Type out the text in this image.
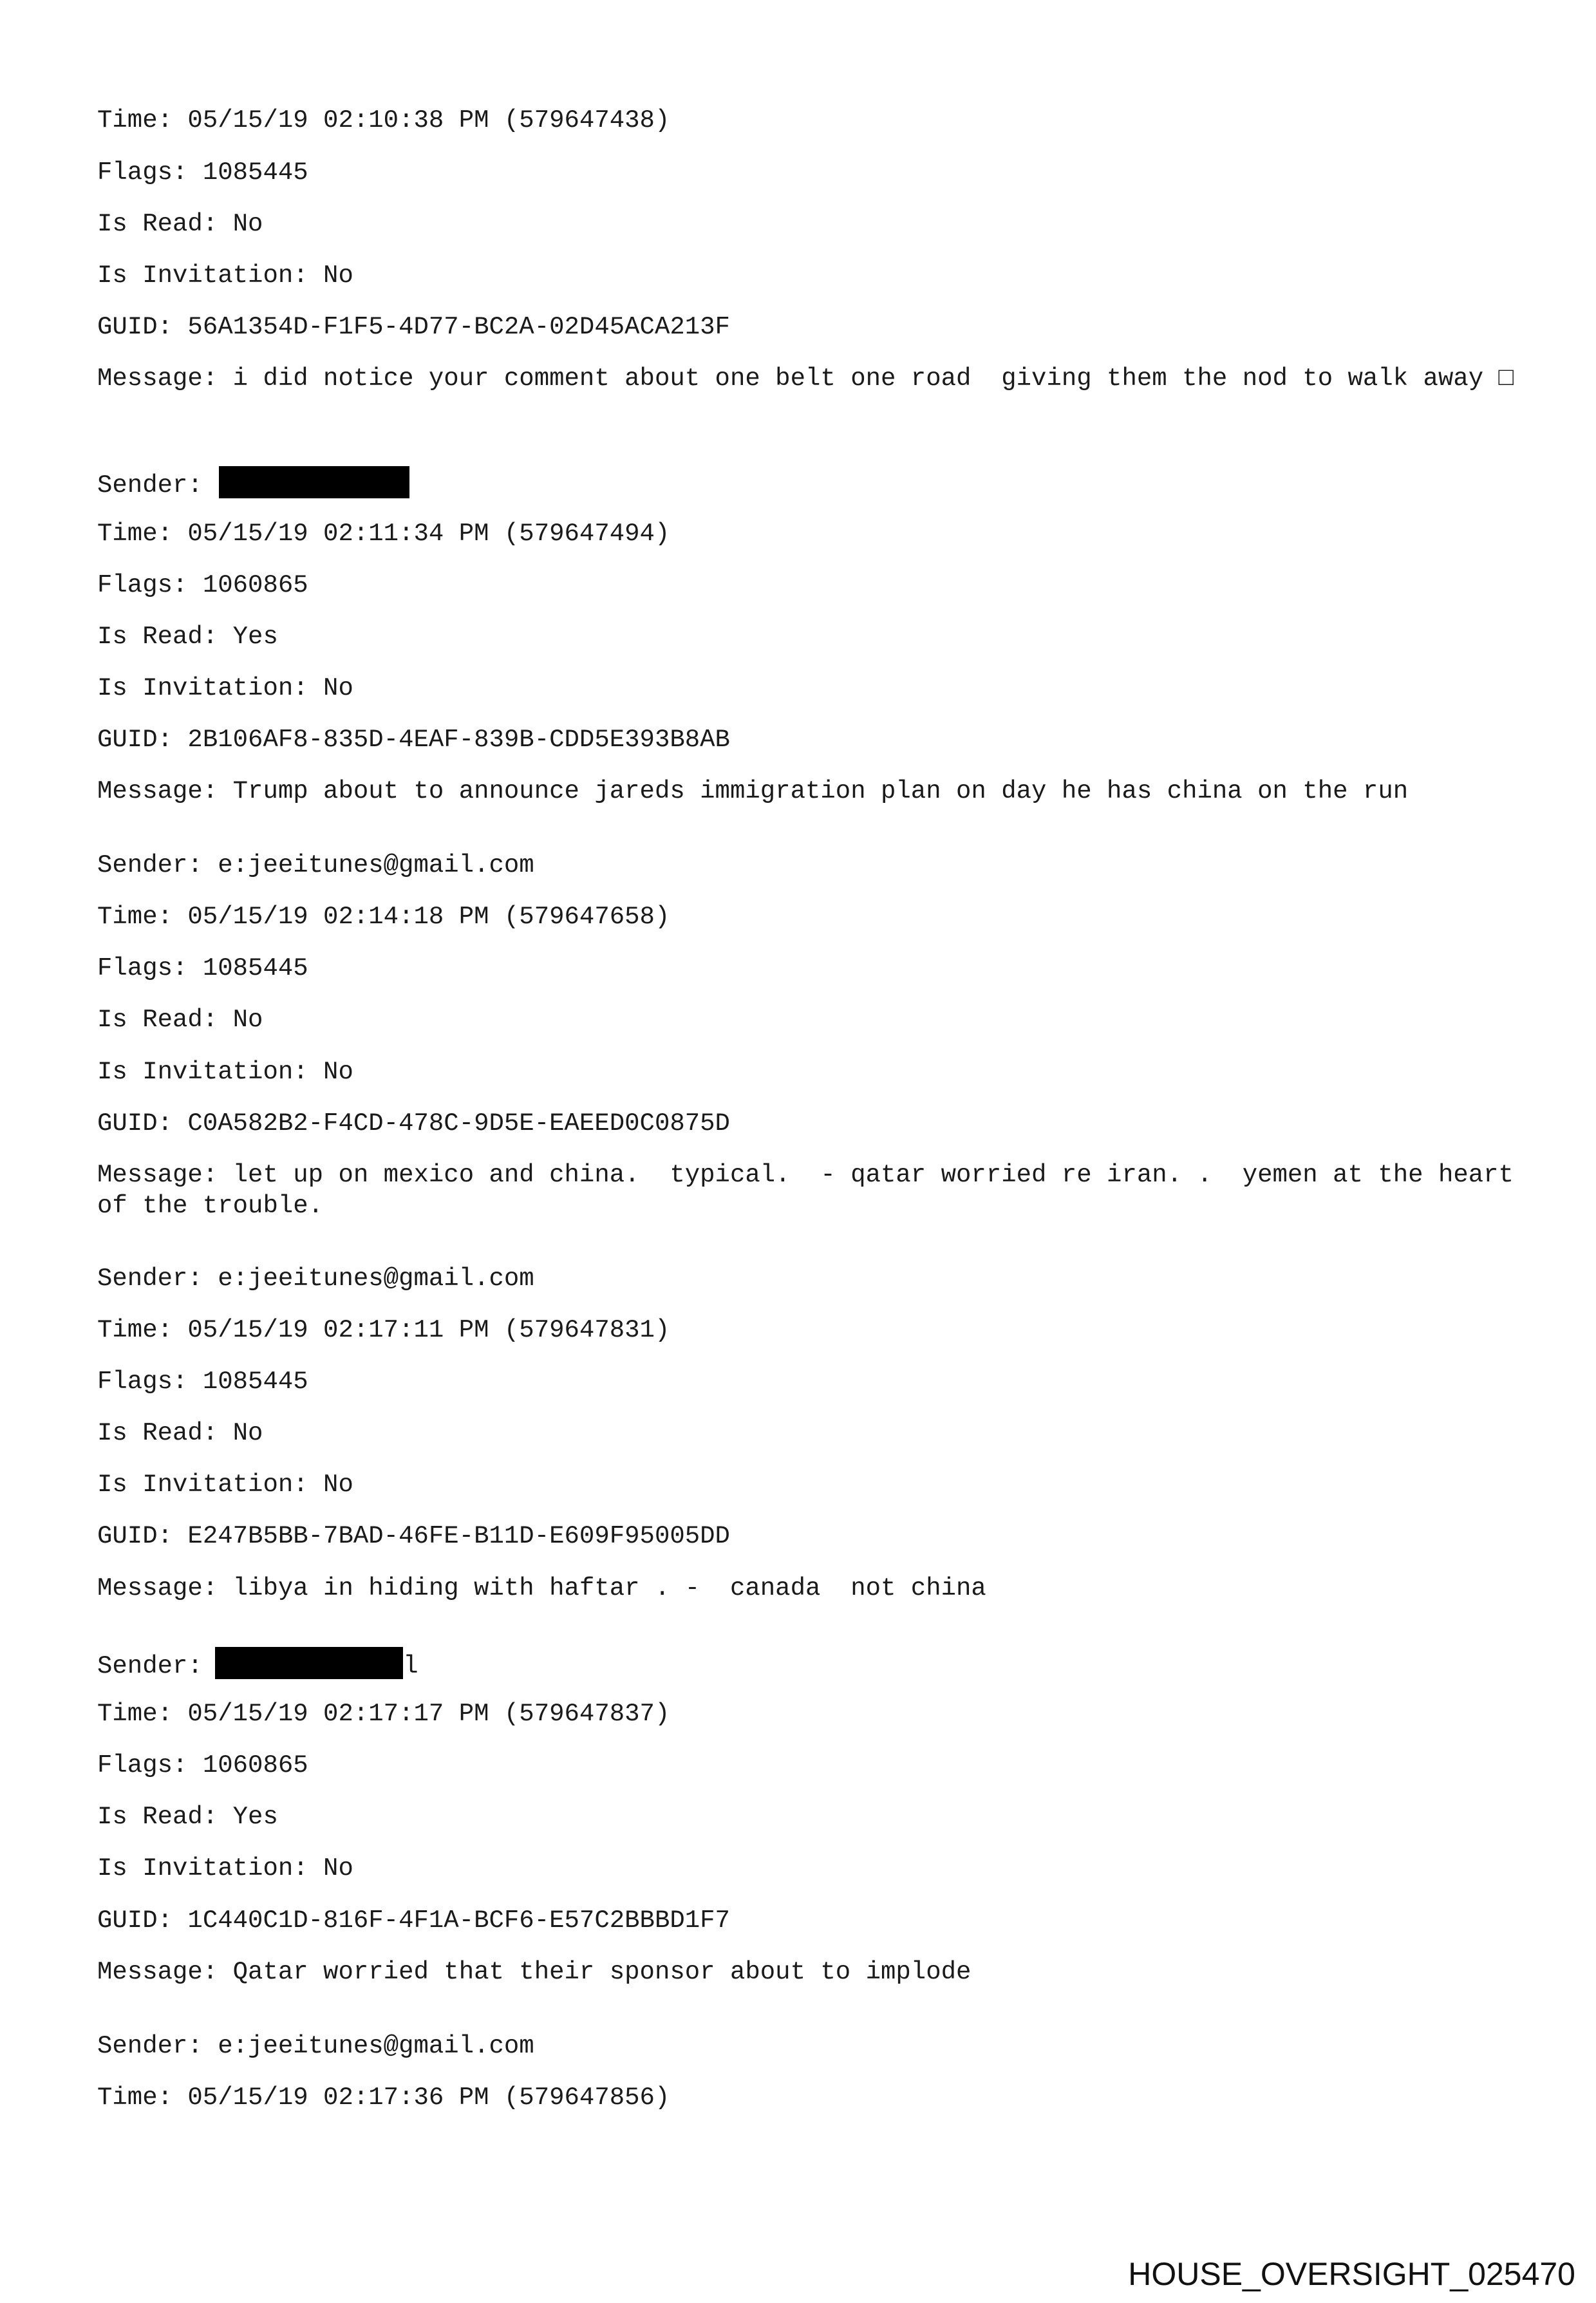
Time: 05/15/19 02:10:38 PM (579647438)
Flags: 1085445
Is Read: No
Is Invitation: No
GUID: 56A1354D-F1F5-4D77-BC2A-02D45ACA213F
Message: i did notice your comment about one belt one road  giving them the nod to walk away □
Sender:
Time: 05/15/19 02:11:34 PM (579647494)
Flags: 1060865
Is Read: Yes
Is Invitation: No
GUID: 2B106AF8-835D-4EAF-839B-CDD5E393B8AB
Message: Trump about to announce jareds immigration plan on day he has china on the run
Sender: e:jeeitunes@gmail.com
Time: 05/15/19 02:14:18 PM (579647658)
Flags: 1085445
Is Read: No
Is Invitation: No
GUID: C0A582B2-F4CD-478C-9D5E-EAEED0C0875D
Message: let up on mexico and china.  typical.  - qatar worried re iran. .  yemen at the heart of the trouble.
Sender: e:jeeitunes@gmail.com
Time: 05/15/19 02:17:11 PM (579647831)
Flags: 1085445
Is Read: No
Is Invitation: No
GUID: E247B5BB-7BAD-46FE-B11D-E609F95005DD
Message: libya in hiding with haftar . -  canada  not china
Sender:	l
Time: 05/15/19 02:17:17 PM (579647837)
Flags: 1060865
Is Read: Yes
Is Invitation: No
GUID: 1C440C1D-816F-4F1A-BCF6-E57C2BBBD1F7
Message: Qatar worried that their sponsor about to implode
Sender: e:jeeitunes@gmail.com
Time: 05/15/19 02:17:36 PM (579647856)
HOUSE_OVERSIGHT_025470
